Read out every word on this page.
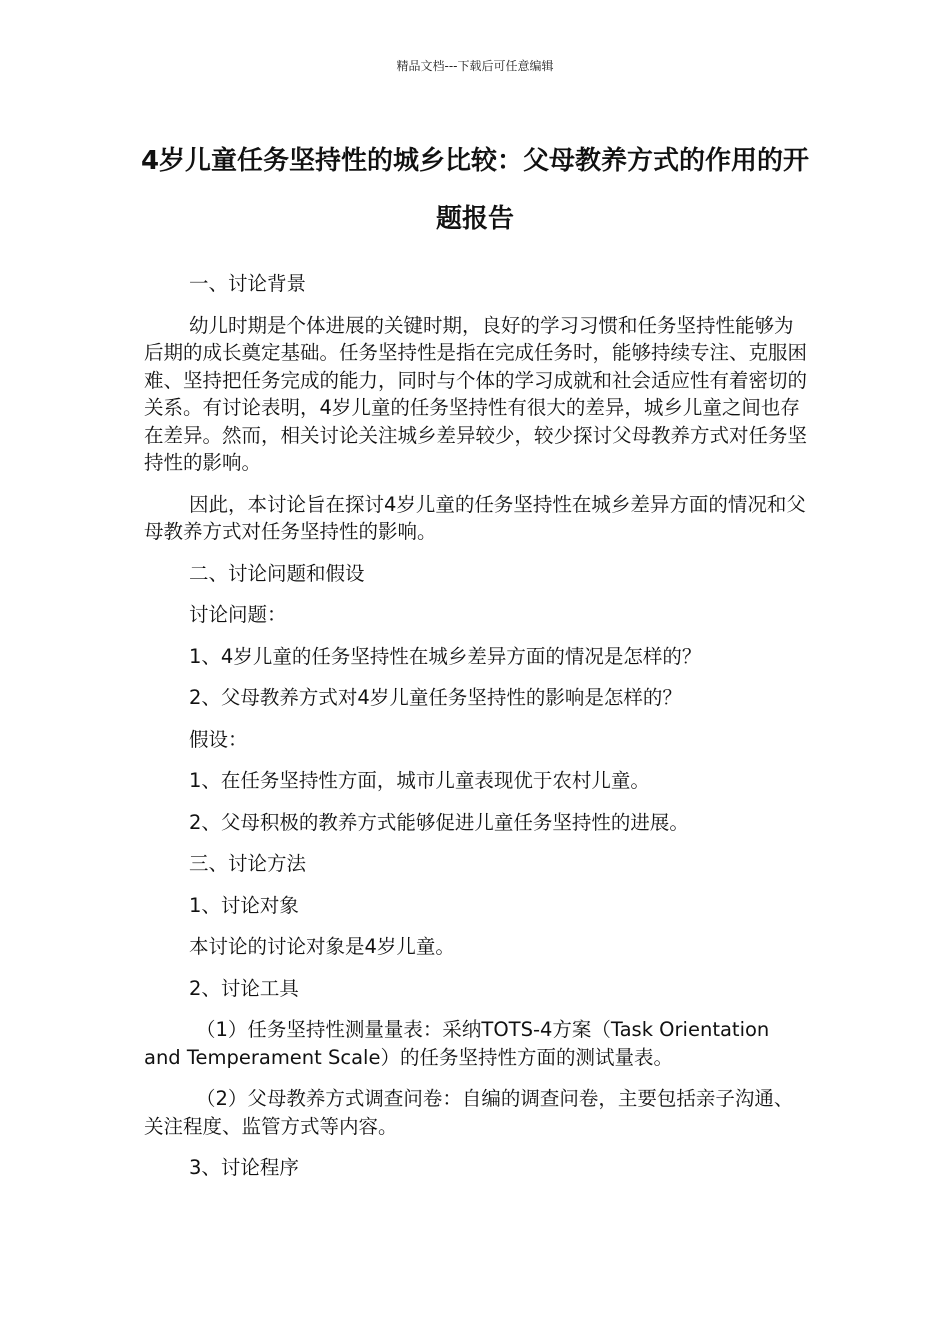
精品文档---下载后可任意编辑
4岁儿童任务坚持性的城乡比较：父母教养方式的作用的开题报告

一、讨论背景

幼儿时期是个体进展的关键时期，良好的学习习惯和任务坚持性能够为后期的成长奠定基础。任务坚持性是指在完成任务时，能够持续专注、克服困难、坚持把任务完成的能力，同时与个体的学习成就和社会适应性有着密切的关系。有讨论表明，4岁儿童的任务坚持性有很大的差异，城乡儿童之间也存在差异。然而，相关讨论关注城乡差异较少，较少探讨父母教养方式对任务坚持性的影响。

因此，本讨论旨在探讨4岁儿童的任务坚持性在城乡差异方面的情况和父母教养方式对任务坚持性的影响。

二、讨论问题和假设

讨论问题：

1、4岁儿童的任务坚持性在城乡差异方面的情况是怎样的？

2、父母教养方式对4岁儿童任务坚持性的影响是怎样的？

假设：

1、在任务坚持性方面，城市儿童表现优于农村儿童。

2、父母积极的教养方式能够促进儿童任务坚持性的进展。

三、讨论方法

1、讨论对象

本讨论的讨论对象是4岁儿童。

2、讨论工具

（1）任务坚持性测量量表：采纳TOTS-4方案（Task Orientation and Temperament Scale）的任务坚持性方面的测试量表。

（2）父母教养方式调查问卷：自编的调查问卷，主要包括亲子沟通、关注程度、监管方式等内容。

3、讨论程序
